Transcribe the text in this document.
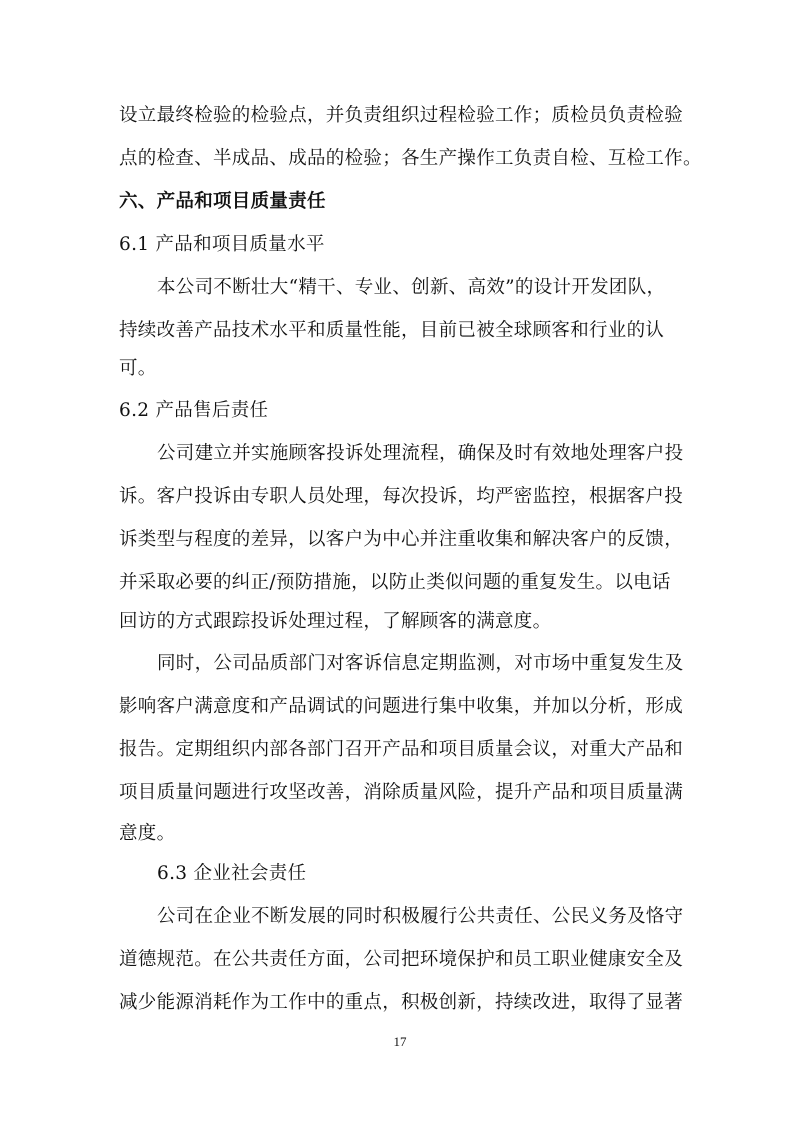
设立最终检验的检验点，并负责组织过程检验工作；质检员负责检验
点的检查、半成品、成品的检验；各生产操作工负责自检、互检工作。
六、产品和项目质量责任
6.1 产品和项目质量水平
本公司不断壮大“精干、专业、创新、高效”的设计开发团队，
持续改善产品技术水平和质量性能，目前已被全球顾客和行业的认
可。
6.2 产品售后责任
公司建立并实施顾客投诉处理流程，确保及时有效地处理客户投
诉。客户投诉由专职人员处理，每次投诉，均严密监控，根据客户投
诉类型与程度的差异，以客户为中心并注重收集和解决客户的反馈，
并采取必要的纠正/预防措施，以防止类似问题的重复发生。以电话
回访的方式跟踪投诉处理过程，了解顾客的满意度。
同时，公司品质部门对客诉信息定期监测，对市场中重复发生及
影响客户满意度和产品调试的问题进行集中收集，并加以分析，形成
报告。定期组织内部各部门召开产品和项目质量会议，对重大产品和
项目质量问题进行攻坚改善，消除质量风险，提升产品和项目质量满
意度。
6.3 企业社会责任
公司在企业不断发展的同时积极履行公共责任、公民义务及恪守
道德规范。在公共责任方面，公司把环境保护和员工职业健康安全及
减少能源消耗作为工作中的重点，积极创新，持续改进，取得了显著
17
